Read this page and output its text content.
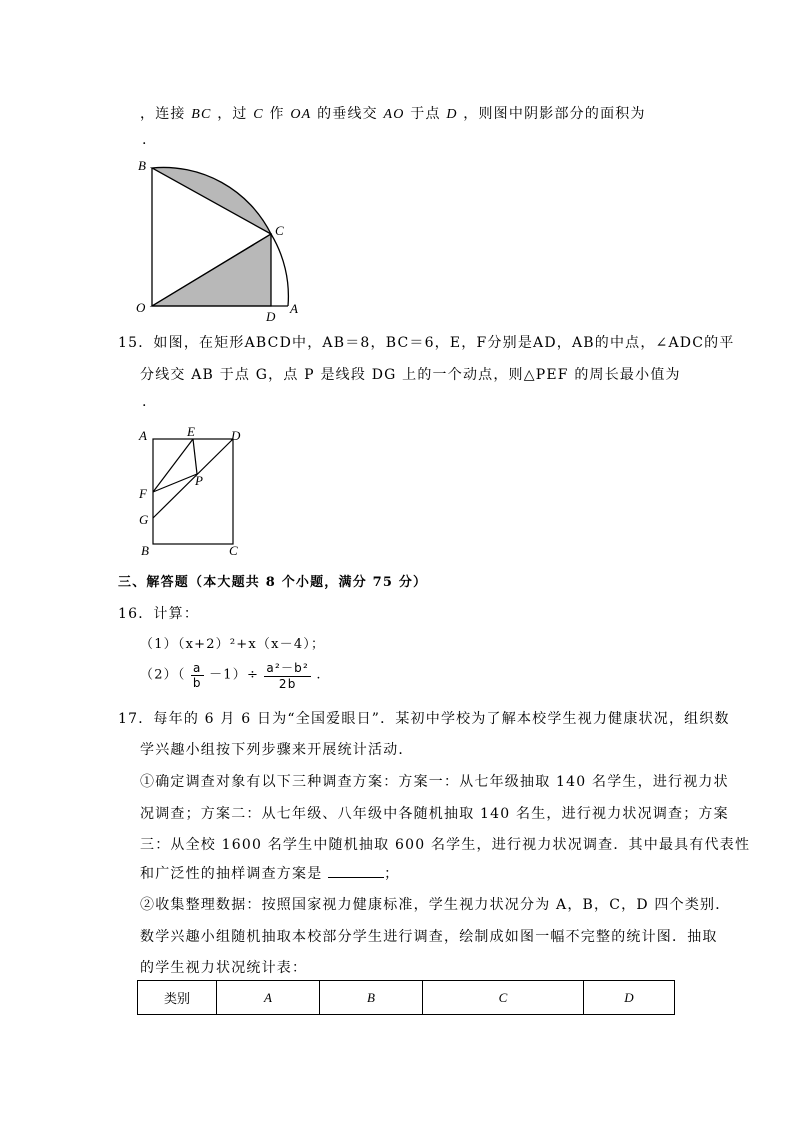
，连接 BC ，过 C 作 OA 的垂线交 AO 于点 D ，则图中阴影部分的面积为
.
B
C
O
D
A
15．如图，在矩形ABCD中，AB＝8，BC＝6，E，F分别是AD，AB的中点，∠ADC的平
分线交 AB 于点 G，点 P 是线段 DG 上的一个动点，则△PEF 的周长最小值为
.
A	E	D
F
P
G
B	C
三、解答题（本大题共 8 个小题，满分 75 分）
16．计算：
（1）（x+2）²+x（x－4）；
$(2)( \frac{a}{b} -1)\div \frac{\text{a²－b²}}{2b}$ .
17．每年的 6 月 6 日为“全国爱眼日”．某初中学校为了解本校学生视力健康状况，组织数
学兴趣小组按下列步骤来开展统计活动．
①确定调查对象有以下三种调查方案：方案一：从七年级抽取 140 名学生，进行视力状
况调查；方案二：从七年级、八年级中各随机抽取 140 名生，进行视力状况调查；方案
三：从全校 1600 名学生中随机抽取 600 名学生，进行视力状况调查．其中最具有代表性
和广泛性的抽样调查方案是	；
②收集整理数据：按照国家视力健康标准，学生视力状况分为 A，B，C，D 四个类别．
数学兴趣小组随机抽取本校部分学生进行调查，绘制成如图一幅不完整的统计图．抽取
的学生视力状况统计表：
类别	A	B	C	D
